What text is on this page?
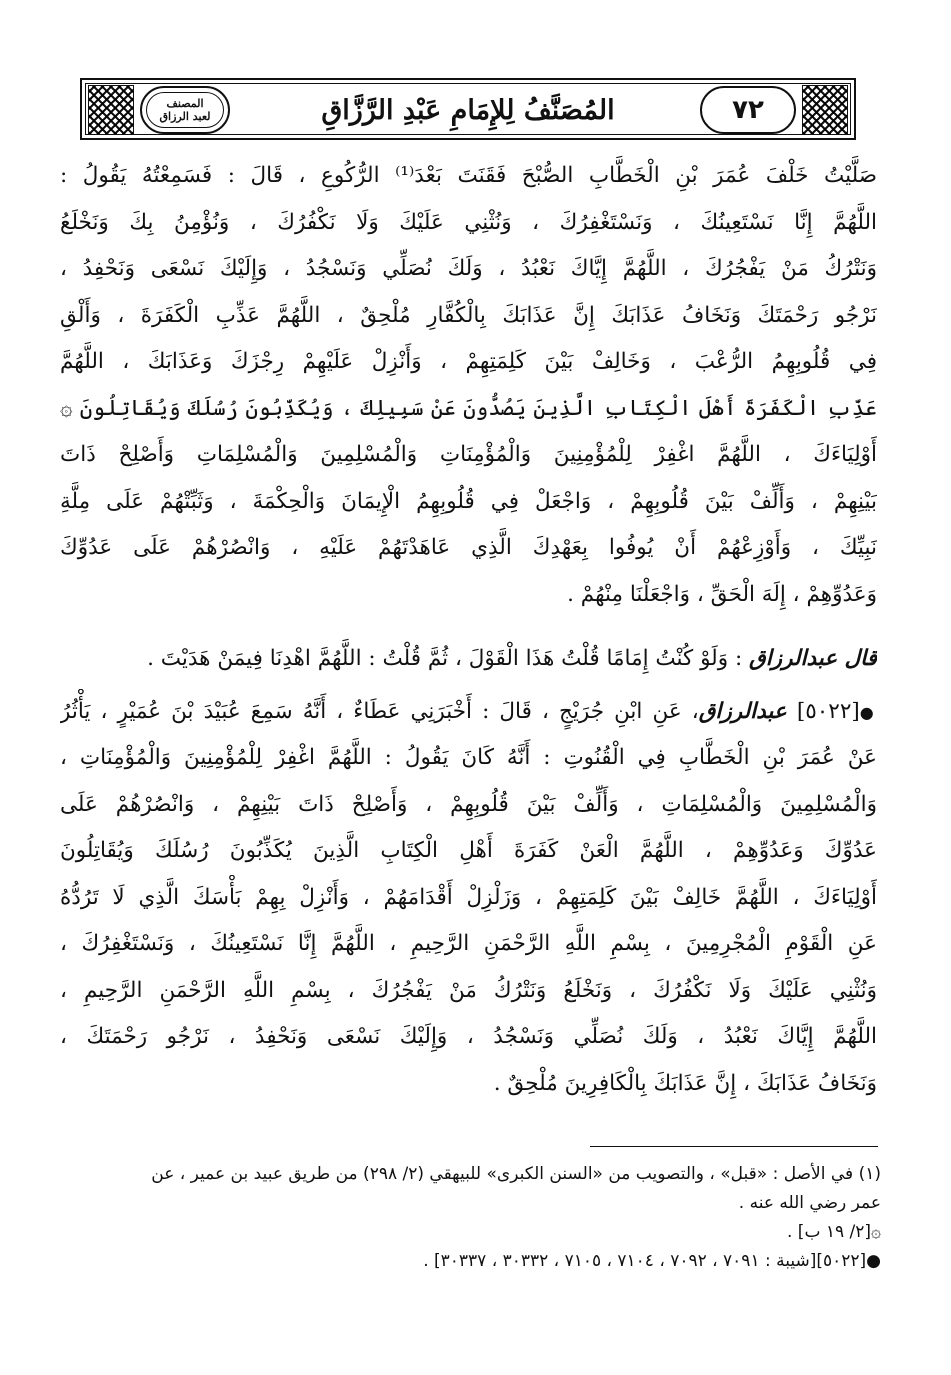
المصنف
لعبد الرزاق	المُصَنَّفُ لِلإِمَامِ عَبْدِ الرَّزَّاقِ	٧٢
صَلَّيْتُ خَلْفَ عُمَرَ بْنِ الْخَطَّابِ الصُّبْحَ فَقَنَتَ بَعْدَ⁽¹⁾ الرُّكُوعِ ، قَالَ : فَسَمِعْتُهُ يَقُولُ :
اللَّهُمَّ إِنَّا نَسْتَعِينُكَ ، وَنَسْتَغْفِرُكَ ، وَنُثْنِي عَلَيْكَ وَلَا نَكْفُرُكَ ، وَنُؤْمِنُ بِكَ وَنَخْلَعُ
وَنَتْرُكُ مَنْ يَفْجُرُكَ ، اللَّهُمَّ إِيَّاكَ نَعْبُدُ ، وَلَكَ نُصَلِّي وَنَسْجُدُ ، وَإِلَيْكَ نَسْعَى وَنَحْفِدُ ،
نَرْجُو رَحْمَتَكَ وَنَخَافُ عَذَابَكَ إِنَّ عَذَابَكَ بِالْكُفَّارِ مُلْحِقٌ ، اللَّهُمَّ عَذِّبِ الْكَفَرَةَ ، وَأَلْقِ
فِي قُلُوبِهِمُ الرُّعْبَ ، وَخَالِفْ بَيْنَ كَلِمَتِهِمْ ، وَأَنْزِلْ عَلَيْهِمْ رِجْزَكَ وَعَذَابَكَ ، اللَّهُمَّ
عَذِّبِ الْكَفَرَةَ أَهْلَ الْكِتَابِ الَّذِينَ يَصُدُّونَ عَنْ سَبِيلِكَ ، وَيُكَذِّبُونَ رُسُلَكَ وَيُقَاتِلُونَ ۞
أَوْلِيَاءَكَ ، اللَّهُمَّ اغْفِرْ لِلْمُؤْمِنِينَ وَالْمُؤْمِنَاتِ وَالْمُسْلِمِينَ وَالْمُسْلِمَاتِ وَأَصْلِحْ ذَاتَ
بَيْنِهِمْ ، وَأَلِّفْ بَيْنَ قُلُوبِهِمْ ، وَاجْعَلْ فِي قُلُوبِهِمُ الْإِيمَانَ وَالْحِكْمَةَ ، وَثَبِّتْهُمْ عَلَى مِلَّةِ
نَبِيِّكَ ، وَأَوْزِعْهُمْ أَنْ يُوفُوا بِعَهْدِكَ الَّذِي عَاهَدْتَهُمْ عَلَيْهِ ، وَانْصُرْهُمْ عَلَى عَدُوِّكَ
وَعَدُوِّهِمْ ، إِلَهَ الْحَقِّ ، وَاجْعَلْنَا مِنْهُمْ .
قال عبدالرزاق : وَلَوْ كُنْتُ إِمَامًا قُلْتُ هَذَا الْقَوْلَ ، ثُمَّ قُلْتُ : اللَّهُمَّ اهْدِنَا فِيمَنْ هَدَيْتَ .
●[٥٠٢٢] عبدالرزاق، عَنِ ابْنِ جُرَيْجٍ ، قَالَ : أَخْبَرَنِي عَطَاءٌ ، أَنَّهُ سَمِعَ عُبَيْدَ بْنَ عُمَيْرٍ ، يَأْثُرُ
عَنْ عُمَرَ بْنِ الْخَطَّابِ فِي الْقُنُوتِ : أَنَّهُ كَانَ يَقُولُ : اللَّهُمَّ اغْفِرْ لِلْمُؤْمِنِينَ وَالْمُؤْمِنَاتِ ،
وَالْمُسْلِمِينَ وَالْمُسْلِمَاتِ ، وَأَلِّفْ بَيْنَ قُلُوبِهِمْ ، وَأَصْلِحْ ذَاتَ بَيْنِهِمْ ، وَانْصُرْهُمْ عَلَى
عَدُوِّكَ وَعَدُوِّهِمْ ، اللَّهُمَّ الْعَنْ كَفَرَةَ أَهْلِ الْكِتَابِ الَّذِينَ يُكَذِّبُونَ رُسُلَكَ وَيُقَاتِلُونَ
أَوْلِيَاءَكَ ، اللَّهُمَّ خَالِفْ بَيْنَ كَلِمَتِهِمْ ، وَزَلْزِلْ أَقْدَامَهُمْ ، وَأَنْزِلْ بِهِمْ بَأْسَكَ الَّذِي لَا تَرُدُّهُ
عَنِ الْقَوْمِ الْمُجْرِمِينَ ، بِسْمِ اللَّهِ الرَّحْمَنِ الرَّحِيمِ ، اللَّهُمَّ إِنَّا نَسْتَعِينُكَ ، وَنَسْتَغْفِرُكَ ،
وَنُثْنِي عَلَيْكَ وَلَا نَكْفُرُكَ ، وَنَخْلَعُ وَنَتْرُكُ مَنْ يَفْجُرُكَ ، بِسْمِ اللَّهِ الرَّحْمَنِ الرَّحِيمِ ،
اللَّهُمَّ إِيَّاكَ نَعْبُدُ ، وَلَكَ نُصَلِّي وَنَسْجُدُ ، وَإِلَيْكَ نَسْعَى وَنَحْفِدُ ، نَرْجُو رَحْمَتَكَ ،
وَنَخَافُ عَذَابَكَ ، إِنَّ عَذَابَكَ بِالْكَافِرِينَ مُلْحِقٌ .
(١) في الأصل : «قبل» ، والتصويب من «السنن الكبرى» للبيهقي (٢/ ٢٩٨) من طريق عبيد بن عمير ، عن
عمر رضي الله عنه .
۞[٢/ ١٩ ب] .
●[٥٠٢٢][شيبة : ٧٠٩١ ، ٧٠٩٢ ، ٧١٠٤ ، ٧١٠٥ ، ٣٠٣٣٢ ، ٣٠٣٣٧] .
